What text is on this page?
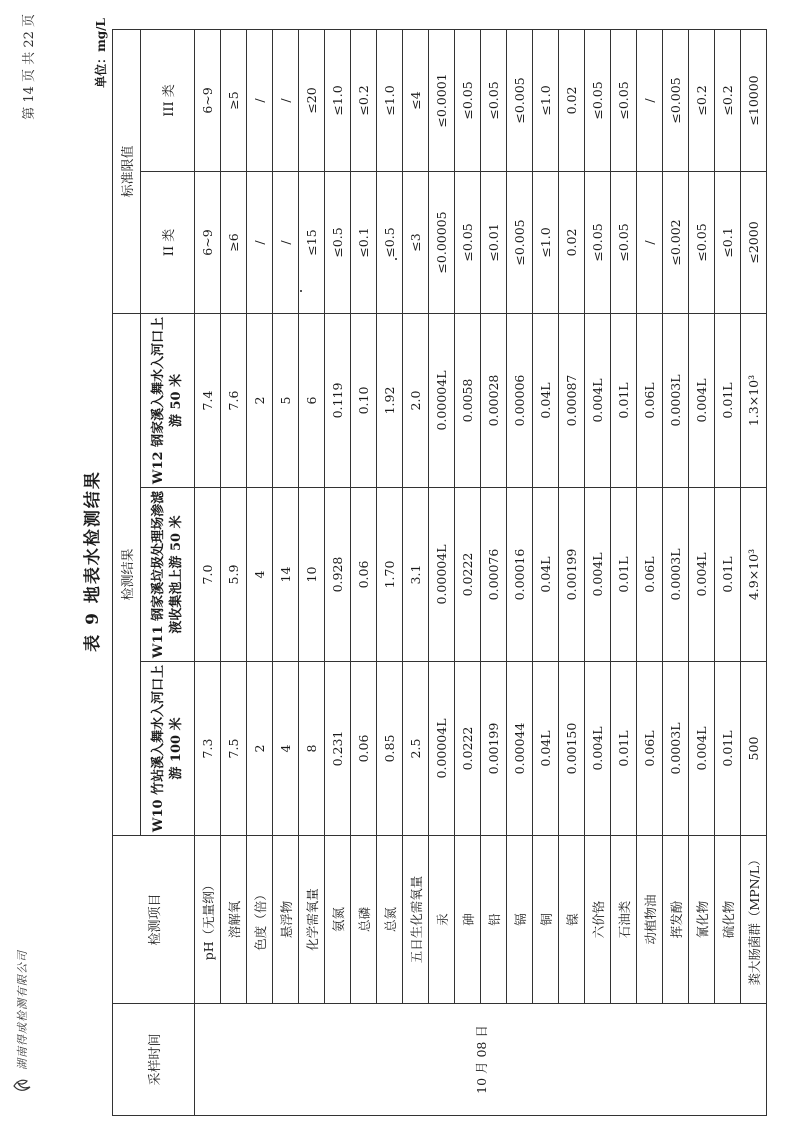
湖南得成检测有限公司
第 14 页 共 22 页
表 9 地表水检测结果
单位：mg/L
采样时间	检测项目	检测结果			标准限值	
		W10 竹站溪入舞水入河口上游 100 米	W11 钢家溪垃圾处理场渗滤液收集池上游 50 米	W12 钢家溪入舞水入河口上游 50 米	II 类	III 类

10 月 08 日	pH（无量纲）	7.3	7.0	7.4	6~9	6~9
	溶解氧	7.5	5.9	7.6	≥6	≥5
	色度（倍）	2	4	2	/	/
	悬浮物	4	14	5	/	/
	化学需氧量	8	10	6	≤15	≤20
	氨氮	0.231	0.928	0.119	≤0.5	≤1.0
	总磷	0.06	0.06	0.10	≤0.1	≤0.2
	总氮	0.85	1.70	1.92	≤0.5	≤1.0
	五日生化需氧量	2.5	3.1	2.0	≤3	≤4
	汞	0.00004L	0.00004L	0.00004L	≤0.00005	≤0.0001
	砷	0.0222	0.0222	0.0058	≤0.05	≤0.05
	铅	0.00199	0.00076	0.00028	≤0.01	≤0.05
	镉	0.00044	0.00016	0.00006	≤0.005	≤0.005
	铜	0.04L	0.04L	0.04L	≤1.0	≤1.0
	镍	0.00150	0.00199	0.00087	0.02	0.02
	六价铬	0.004L	0.004L	0.004L	≤0.05	≤0.05
	石油类	0.01L	0.01L	0.01L	≤0.05	≤0.05
	动植物油	0.06L	0.06L	0.06L	/	/
	挥发酚	0.0003L	0.0003L	0.0003L	≤0.002	≤0.005
	氰化物	0.004L	0.004L	0.004L	≤0.05	≤0.2
	硫化物	0.01L	0.01L	0.01L	≤0.1	≤0.2
	粪大肠菌群（MPN/L）	500	4.9×10³	1.3×10³	≤2000	≤10000
